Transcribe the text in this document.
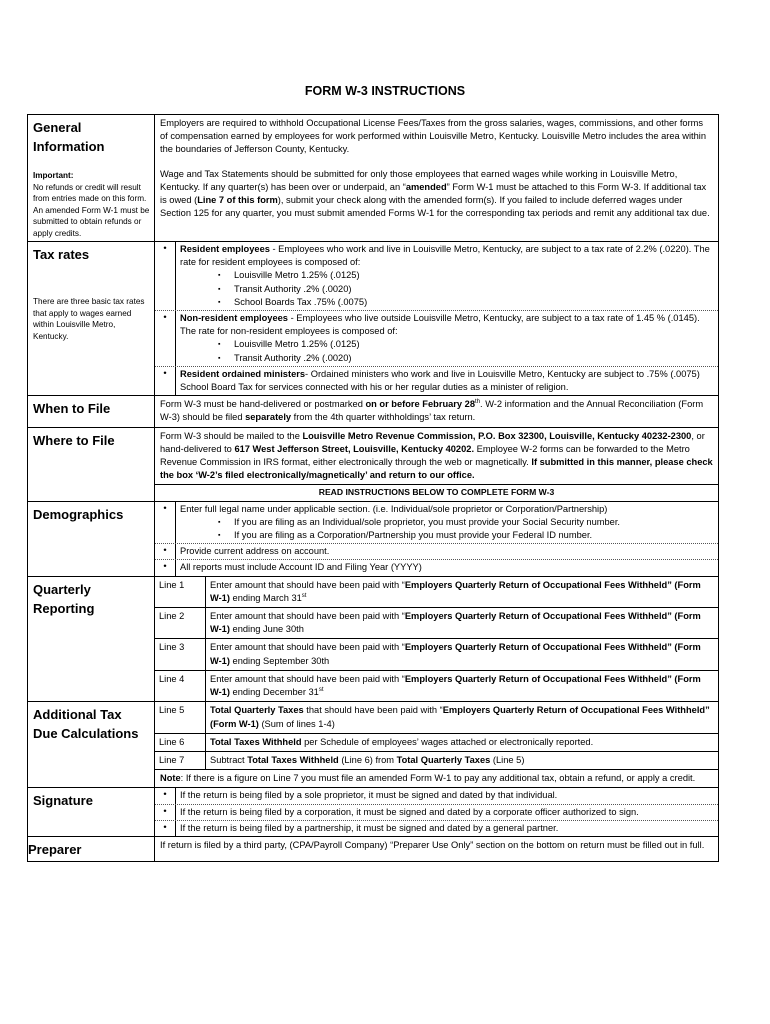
FORM W-3 INSTRUCTIONS
General Information
Important:
No refunds or credit will result from entries made on this form. An amended Form W-1 must be submitted to obtain refunds or apply credits.
Employers are required to withhold Occupational License Fees/Taxes from the gross salaries, wages, commissions, and other forms of compensation earned by employees for work performed within Louisville Metro, Kentucky. Louisville Metro includes the area within the boundaries of Jefferson County, Kentucky.
Wage and Tax Statements should be submitted for only those employees that earned wages while working in Louisville Metro, Kentucky. If any quarter(s) has been over or underpaid, an “amended” Form W-1 must be attached to this Form W-3. If additional tax is owed (Line 7 of this form), submit your check along with the amended form(s). If you failed to include deferred wages under Section 125 for any quarter, you must submit amended Forms W-1 for the corresponding tax periods and remit any additional tax due.
Tax rates
There are three basic tax rates that apply to wages earned within Louisville Metro, Kentucky.
•	Resident employees - Employees who work and live in Louisville Metro, Kentucky, are subject to a tax rate of 2.2% (.0220). The rate for resident employees is composed of:
▪	Louisville Metro 1.25% (.0125)
▪	Transit Authority .2% (.0020)
▪	School Boards Tax .75% (.0075)
•	Non-resident employees - Employees who live outside Louisville Metro, Kentucky, are subject to a tax rate of 1.45 % (.0145). The rate for non-resident employees is composed of:
▪	Louisville Metro 1.25% (.0125)
▪	Transit Authority .2% (.0020)
•	Resident ordained ministers- Ordained ministers who work and live in Louisville Metro, Kentucky are subject to .75% (.0075) School Board Tax for services connected with his or her regular duties as a minister of religion.
When to File	Form W-3 must be hand-delivered or postmarked on or before February 28th. W-2 information and the Annual Reconciliation (Form W-3) should be filed separately from the 4th quarter withholdings’ tax return.
Where to File	Form W-3 should be mailed to the Louisville Metro Revenue Commission, P.O. Box 32300, Louisville, Kentucky 40232-2300, or hand-delivered to 617 West Jefferson Street, Louisville, Kentucky 40202. Employee W-2 forms can be forwarded to the Metro Revenue Commission in IRS format, either electronically through the web or magnetically. If submitted in this manner, please check the box ‘W-2’s filed electronically/magnetically’ and return to our office.
READ INSTRUCTIONS BELOW TO COMPLETE FORM W-3
Demographics	•	Enter full legal name under applicable section. (i.e. Individual/sole proprietor or Corporation/Partnership)
▪	If you are filing as an Individual/sole proprietor, you must provide your Social Security number.
▪	If you are filing as a Corporation/Partnership you must provide your Federal ID number.
•	Provide current address on account.
•	All reports must include Account ID and Filing Year (YYYY)
Quarterly Reporting
Line 1	Enter amount that should have been paid with “Employers Quarterly Return of Occupational Fees Withheld” (Form W-1) ending March 31st
Line 2	Enter amount that should have been paid with “Employers Quarterly Return of Occupational Fees Withheld” (Form W-1) ending June 30th
Line 3	Enter amount that should have been paid with “Employers Quarterly Return of Occupational Fees Withheld” (Form W-1) ending September 30th
Line 4	Enter amount that should have been paid with “Employers Quarterly Return of Occupational Fees Withheld” (Form W-1) ending December 31st
Additional Tax Due Calculations
Line 5	Total Quarterly Taxes that should have been paid with “Employers Quarterly Return of Occupational Fees Withheld” (Form W-1) (Sum of lines 1-4)
Line 6	Total Taxes Withheld per Schedule of employees’ wages attached or electronically reported.
Line 7	Subtract Total Taxes Withheld (Line 6) from Total Quarterly Taxes (Line 5)
Note: If there is a figure on Line 7 you must file an amended Form W-1 to pay any additional tax, obtain a refund, or apply a credit.
Signature	•	If the return is being filed by a sole proprietor, it must be signed and dated by that individual.
•	If the return is being filed by a corporation, it must be signed and dated by a corporate officer authorized to sign.
•	If the return is being filed by a partnership, it must be signed and dated by a general partner.
Preparer	If return is filed by a third party, (CPA/Payroll Company) “Preparer Use Only” section on the bottom on return must be filled out in full.
